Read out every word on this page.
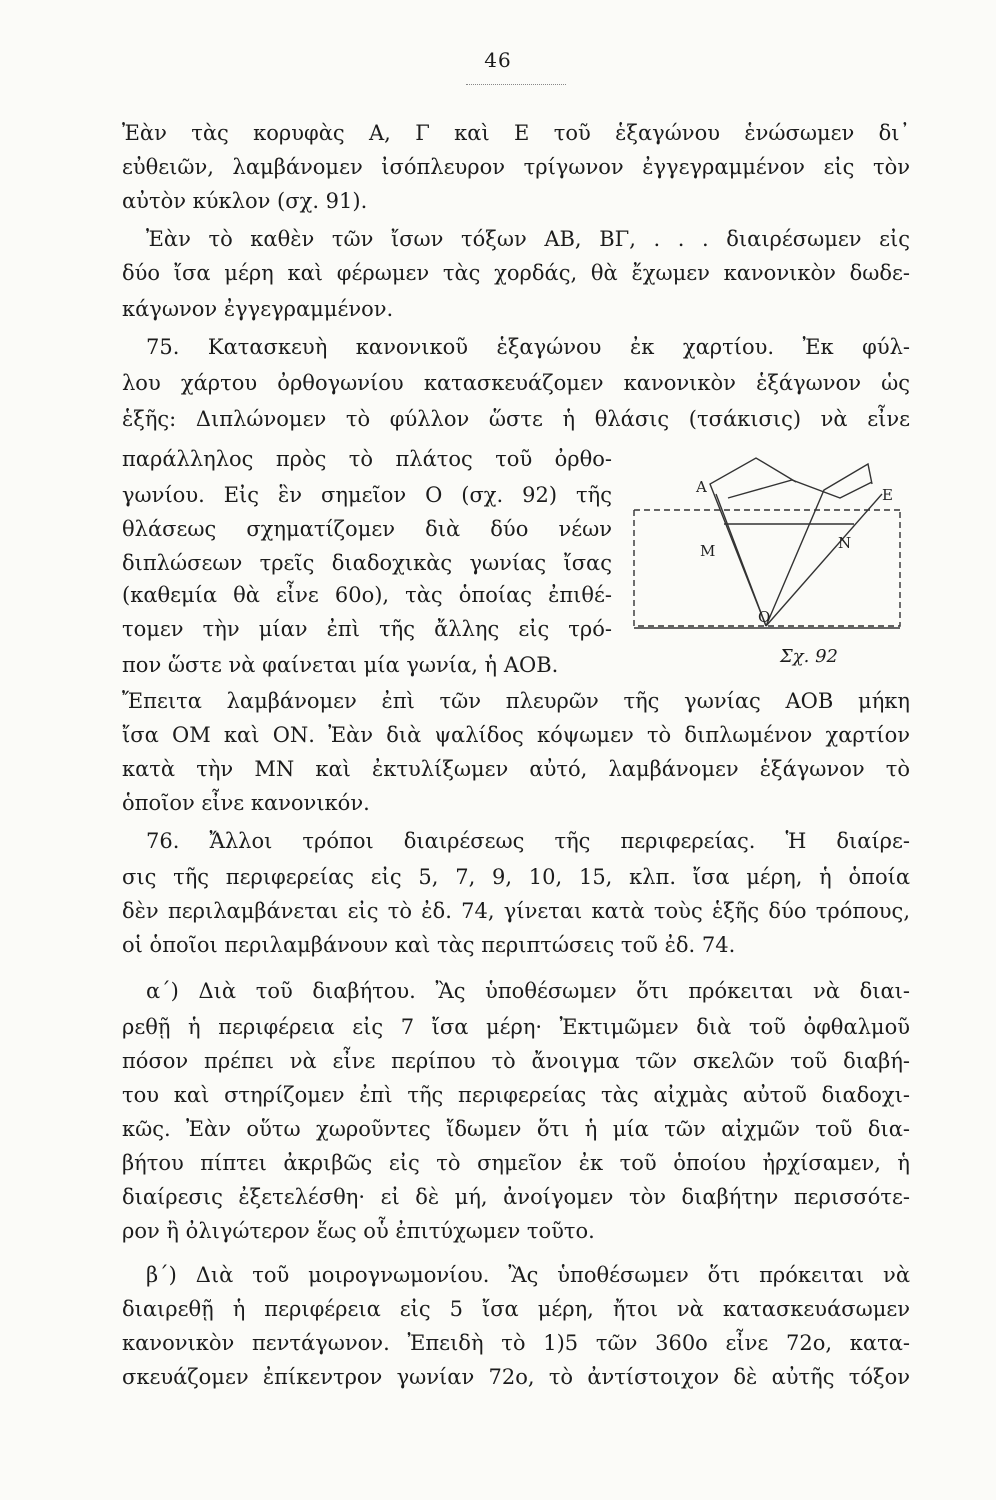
46
Ἐὰν τὰς κορυφὰς Α, Γ καὶ Ε τοῦ ἑξαγώνου ἑνώσωμεν δι᾽
εὐθειῶν, λαμβάνομεν ἰσόπλευρον τρίγωνον ἐγγεγραμμένον εἰς τὸν
αὐτὸν κύκλον (σχ. 91).
Ἐὰν τὸ καθὲν τῶν ἴσων τόξων ΑΒ, ΒΓ, . . . διαιρέσωμεν εἰς
δύο ἴσα μέρη καὶ φέρωμεν τὰς χορδάς, θὰ ἔχωμεν κανονικὸν δωδε-
κάγωνον ἐγγεγραμμένον.
75. Κατασκευὴ κανονικοῦ ἑξαγώνου ἐκ χαρτίου. Ἐκ φύλ-
λου χάρτου ὀρθογωνίου κατασκευάζομεν κανονικὸν ἑξάγωνον ὡς
ἑξῆς: Διπλώνομεν τὸ φύλλον ὥστε ἡ θλάσις (τσάκισις) νὰ εἶνε
παράλληλος πρὸς τὸ πλάτος τοῦ ὀρθο-
γωνίου. Εἰς ἓν σημεῖον Ο (σχ. 92) τῆς
θλάσεως σχηματίζομεν διὰ δύο νέων
διπλώσεων τρεῖς διαδοχικὰς γωνίας ἴσας
(καθεμία θὰ εἶνε 60ο), τὰς ὁποίας ἐπιθέ-
τομεν τὴν μίαν ἐπὶ τῆς ἄλλης εἰς τρό-
πον ὥστε νὰ φαίνεται μία γωνία, ἡ ΑΟΒ.
Ἔπειτα λαμβάνομεν ἐπὶ τῶν πλευρῶν τῆς γωνίας ΑΟΒ μήκη
ἴσα ΟΜ καὶ ΟΝ. Ἐὰν διὰ ψαλίδος κόψωμεν τὸ διπλωμένον χαρτίον
κατὰ τὴν ΜΝ καὶ ἐκτυλίξωμεν αὐτό, λαμβάνομεν ἑξάγωνον τὸ
ὁποῖον εἶνε κανονικόν.
76. Ἄλλοι τρόποι διαιρέσεως τῆς περιφερείας. Ἡ διαίρε-
σις τῆς περιφερείας εἰς 5, 7, 9, 10, 15, κλπ. ἴσα μέρη, ἡ ὁποία
δὲν περιλαμβάνεται εἰς τὸ ἐδ. 74, γίνεται κατὰ τοὺς ἑξῆς δύο τρόπους,
οἱ ὁποῖοι περιλαμβάνουν καὶ τὰς περιπτώσεις τοῦ ἐδ. 74.
α΄) Διὰ τοῦ διαβήτου. Ἂς ὑποθέσωμεν ὅτι πρόκειται νὰ διαι-
ρεθῇ ἡ περιφέρεια εἰς 7 ἴσα μέρη· Ἐκτιμῶμεν διὰ τοῦ ὀφθαλμοῦ
πόσον πρέπει νὰ εἶνε περίπου τὸ ἄνοιγμα τῶν σκελῶν τοῦ διαβή-
του καὶ στηρίζομεν ἐπὶ τῆς περιφερείας τὰς αἰχμὰς αὐτοῦ διαδοχι-
κῶς. Ἐὰν οὕτω χωροῦντες ἴδωμεν ὅτι ἡ μία τῶν αἰχμῶν τοῦ δια-
βήτου πίπτει ἀκριβῶς εἰς τὸ σημεῖον ἐκ τοῦ ὁποίου ἠρχίσαμεν, ἡ
διαίρεσις ἐξετελέσθη· εἰ δὲ μή, ἀνοίγομεν τὸν διαβήτην περισσότε-
ρον ἢ ὀλιγώτερον ἕως οὗ ἐπιτύχωμεν τοῦτο.
β΄) Διὰ τοῦ μοιρογνωμονίου. Ἂς ὑποθέσωμεν ὅτι πρόκειται νὰ
διαιρεθῇ ἡ περιφέρεια εἰς 5 ἴσα μέρη, ἤτοι νὰ κατασκευάσωμεν
κανονικὸν πεντάγωνον. Ἐπειδὴ τὸ 1)5 τῶν 360ο εἶνε 72ο, κατα-
σκευάζομεν ἐπίκεντρον γωνίαν 72ο, τὸ ἀντίστοιχον δὲ αὐτῆς τόξον
Α	Ε
Μ	Ν
Ο
Σχ. 92
